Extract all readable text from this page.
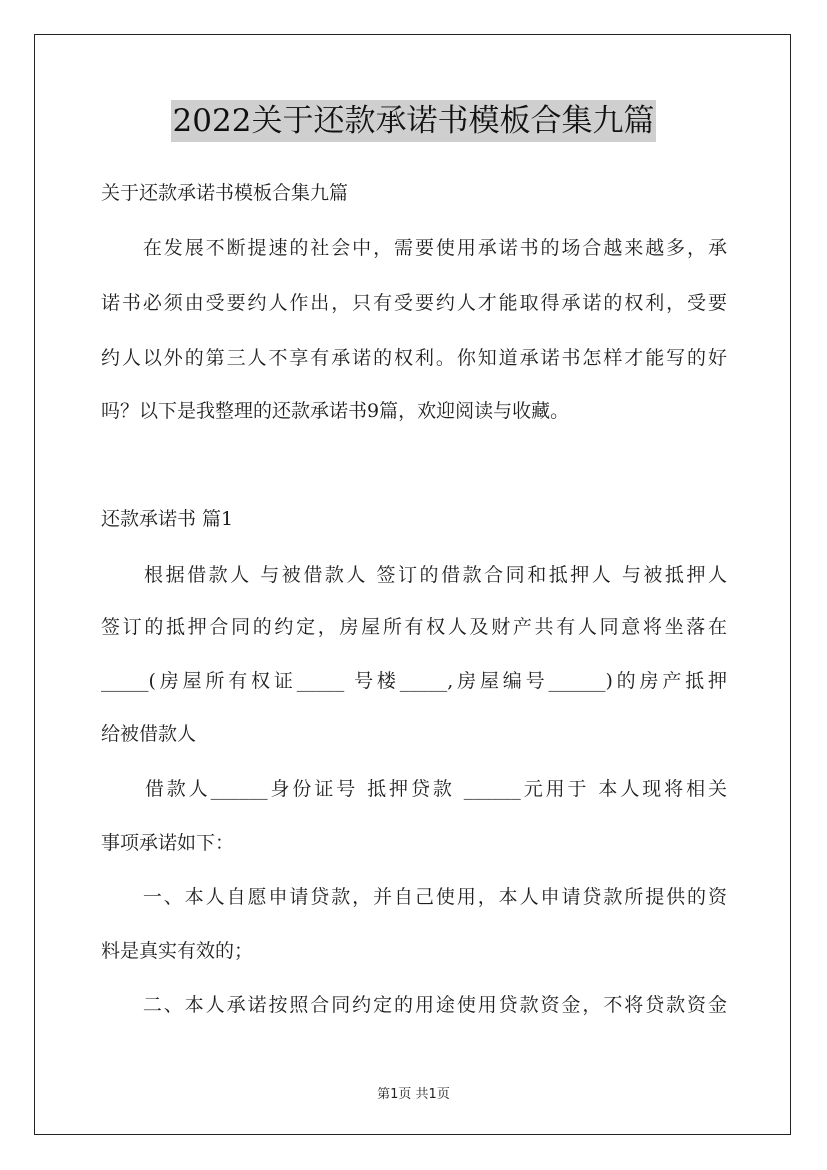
2022关于还款承诺书模板合集九篇
关于还款承诺书模板合集九篇
　　在发展不断提速的社会中，需要使用承诺书的场合越来越多，承
诺书必须由受要约人作出，只有受要约人才能取得承诺的权利，受要
约人以外的第三人不享有承诺的权利。你知道承诺书怎样才能写的好
吗？以下是我整理的还款承诺书9篇，欢迎阅读与收藏。
还款承诺书 篇1
　　根据借款人 与被借款人 签订的借款合同和抵押人 与被抵押人
签订的抵押合同的约定，房屋所有权人及财产共有人同意将坐落在
_____(房屋所有权证_____ 号楼_____,房屋编号______)的房产抵押
给被借款人
　　借款人______身份证号 抵押贷款 ______元用于 本人现将相关
事项承诺如下：
　　一、本人自愿申请贷款，并自己使用，本人申请贷款所提供的资
料是真实有效的；
　　二、本人承诺按照合同约定的用途使用贷款资金，不将贷款资金
第1页 共1页
